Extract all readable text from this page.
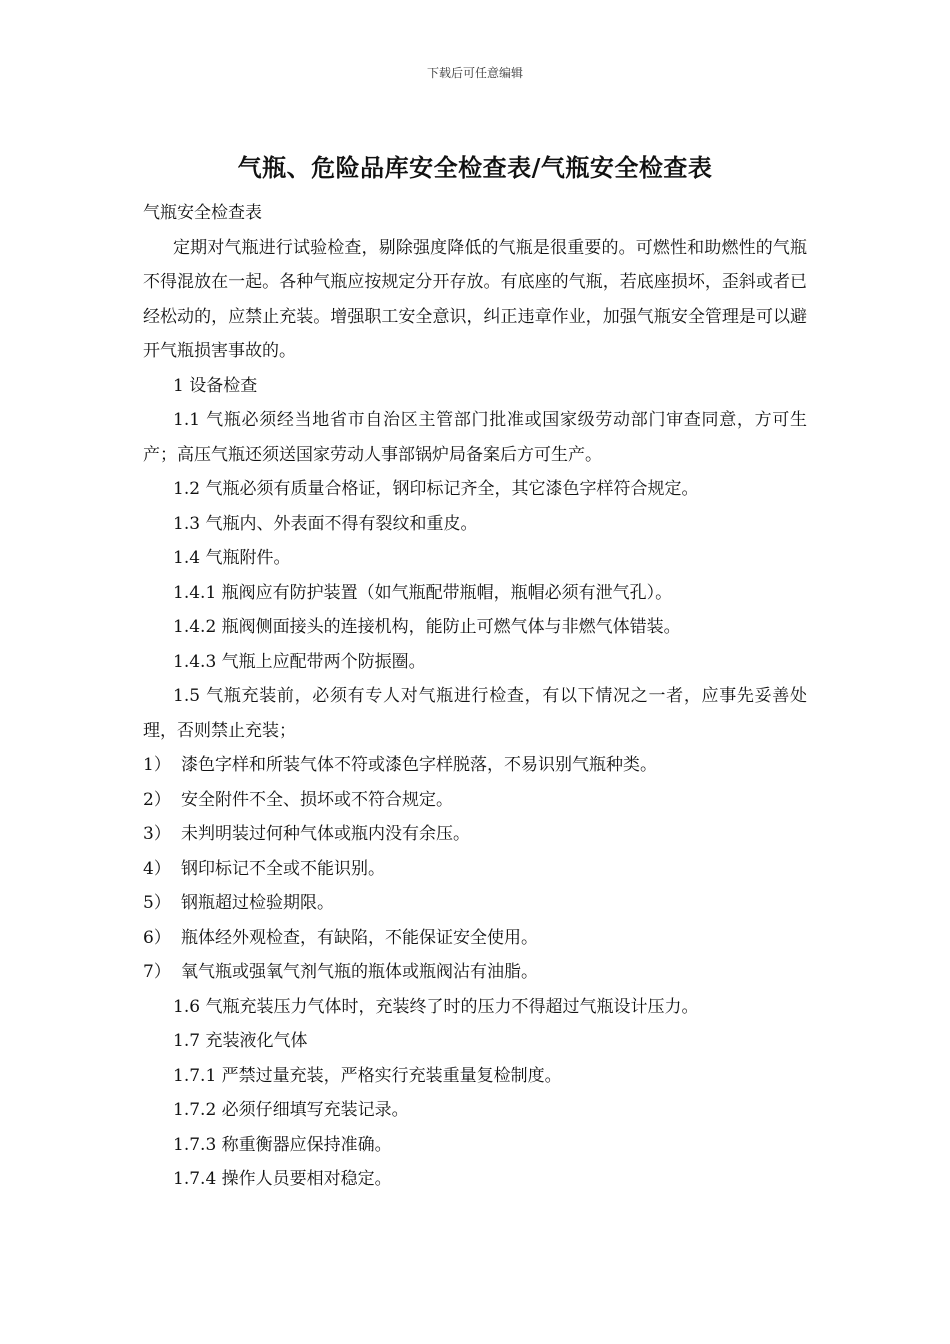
下载后可任意编辑
气瓶、危险品库安全检查表/气瓶安全检查表

气瓶安全检查表

定期对气瓶进行试验检查，剔除强度降低的气瓶是很重要的。可燃性和助燃性的气瓶不得混放在一起。各种气瓶应按规定分开存放。有底座的气瓶，若底座损坏，歪斜或者已经松动的，应禁止充装。增强职工安全意识，纠正违章作业，加强气瓶安全管理是可以避开气瓶损害事故的。

1 设备检查

1.1 气瓶必须经当地省市自治区主管部门批准或国家级劳动部门审查同意，方可生产；高压气瓶还须送国家劳动人事部锅炉局备案后方可生产。

1.2 气瓶必须有质量合格证，钢印标记齐全，其它漆色字样符合规定。

1.3 气瓶内、外表面不得有裂纹和重皮。

1.4 气瓶附件。

1.4.1 瓶阀应有防护装置（如气瓶配带瓶帽，瓶帽必须有泄气孔）。

1.4.2 瓶阀侧面接头的连接机构，能防止可燃气体与非燃气体错装。

1.4.3 气瓶上应配带两个防振圈。

1.5 气瓶充装前，必须有专人对气瓶进行检查，有以下情况之一者，应事先妥善处理，否则禁止充装；

1） 漆色字样和所装气体不符或漆色字样脱落，不易识别气瓶种类。

2） 安全附件不全、损坏或不符合规定。

3） 未判明装过何种气体或瓶内没有余压。

4） 钢印标记不全或不能识别。

5） 钢瓶超过检验期限。

6） 瓶体经外观检查，有缺陷，不能保证安全使用。

7） 氧气瓶或强氧气剂气瓶的瓶体或瓶阀沾有油脂。

1.6 气瓶充装压力气体时，充装终了时的压力不得超过气瓶设计压力。

1.7 充装液化气体

1.7.1 严禁过量充装，严格实行充装重量复检制度。

1.7.2 必须仔细填写充装记录。

1.7.3 称重衡器应保持准确。

1.7.4 操作人员要相对稳定。
